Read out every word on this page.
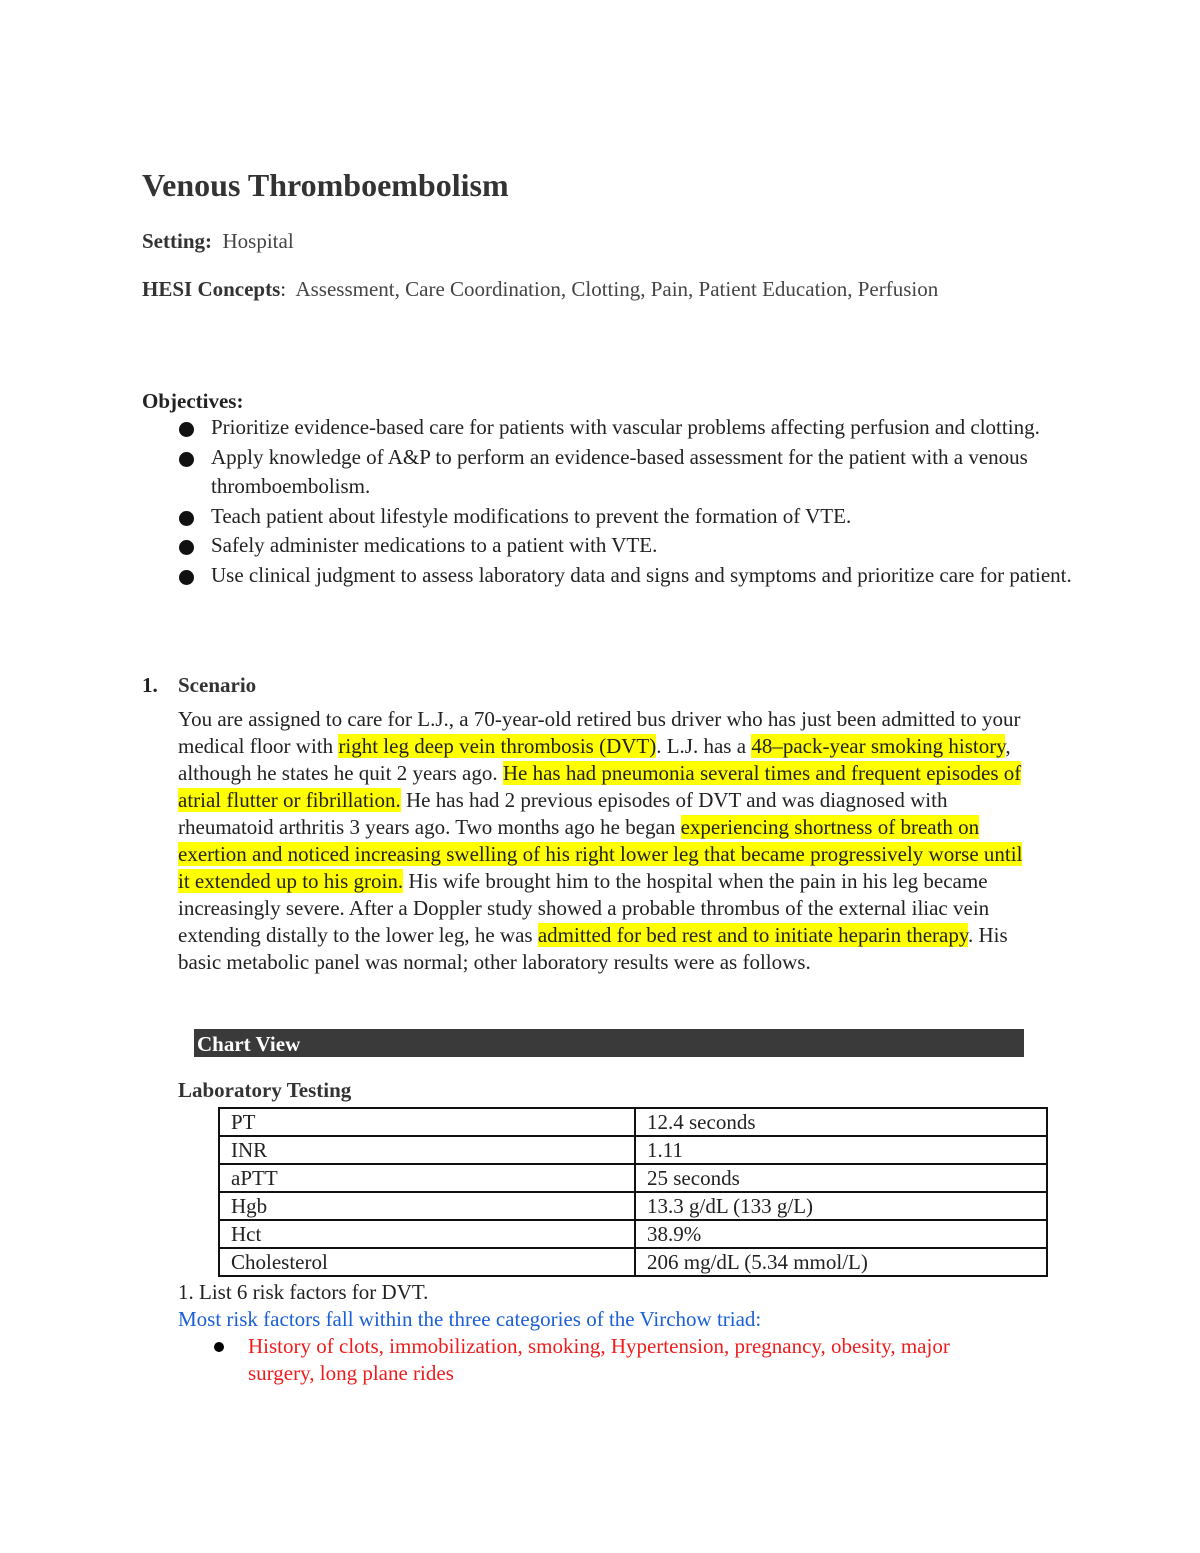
Venous Thromboembolism
Setting: Hospital
HESI Concepts: Assessment, Care Coordination, Clotting, Pain, Patient Education, Perfusion
Objectives:
Prioritize evidence-based care for patients with vascular problems affecting perfusion and clotting.
Apply knowledge of A&P to perform an evidence-based assessment for the patient with a venous thromboembolism.
Teach patient about lifestyle modifications to prevent the formation of VTE.
Safely administer medications to a patient with VTE.
Use clinical judgment to assess laboratory data and signs and symptoms and prioritize care for patient.
1. Scenario
You are assigned to care for L.J., a 70-year-old retired bus driver who has just been admitted to your medical floor with right leg deep vein thrombosis (DVT). L.J. has a 48–pack-year smoking history, although he states he quit 2 years ago. He has had pneumonia several times and frequent episodes of atrial flutter or fibrillation. He has had 2 previous episodes of DVT and was diagnosed with rheumatoid arthritis 3 years ago. Two months ago he began experiencing shortness of breath on exertion and noticed increasing swelling of his right lower leg that became progressively worse until it extended up to his groin. His wife brought him to the hospital when the pain in his leg became increasingly severe. After a Doppler study showed a probable thrombus of the external iliac vein extending distally to the lower leg, he was admitted for bed rest and to initiate heparin therapy. His basic metabolic panel was normal; other laboratory results were as follows.
Chart View
Laboratory Testing
PT	12.4 seconds
INR	1.11
aPTT	25 seconds
Hgb	13.3 g/dL (133 g/L)
Hct	38.9%
Cholesterol	206 mg/dL (5.34 mmol/L)
1. List 6 risk factors for DVT.
Most risk factors fall within the three categories of the Virchow triad:
History of clots, immobilization, smoking, Hypertension, pregnancy, obesity, major surgery, long plane rides
